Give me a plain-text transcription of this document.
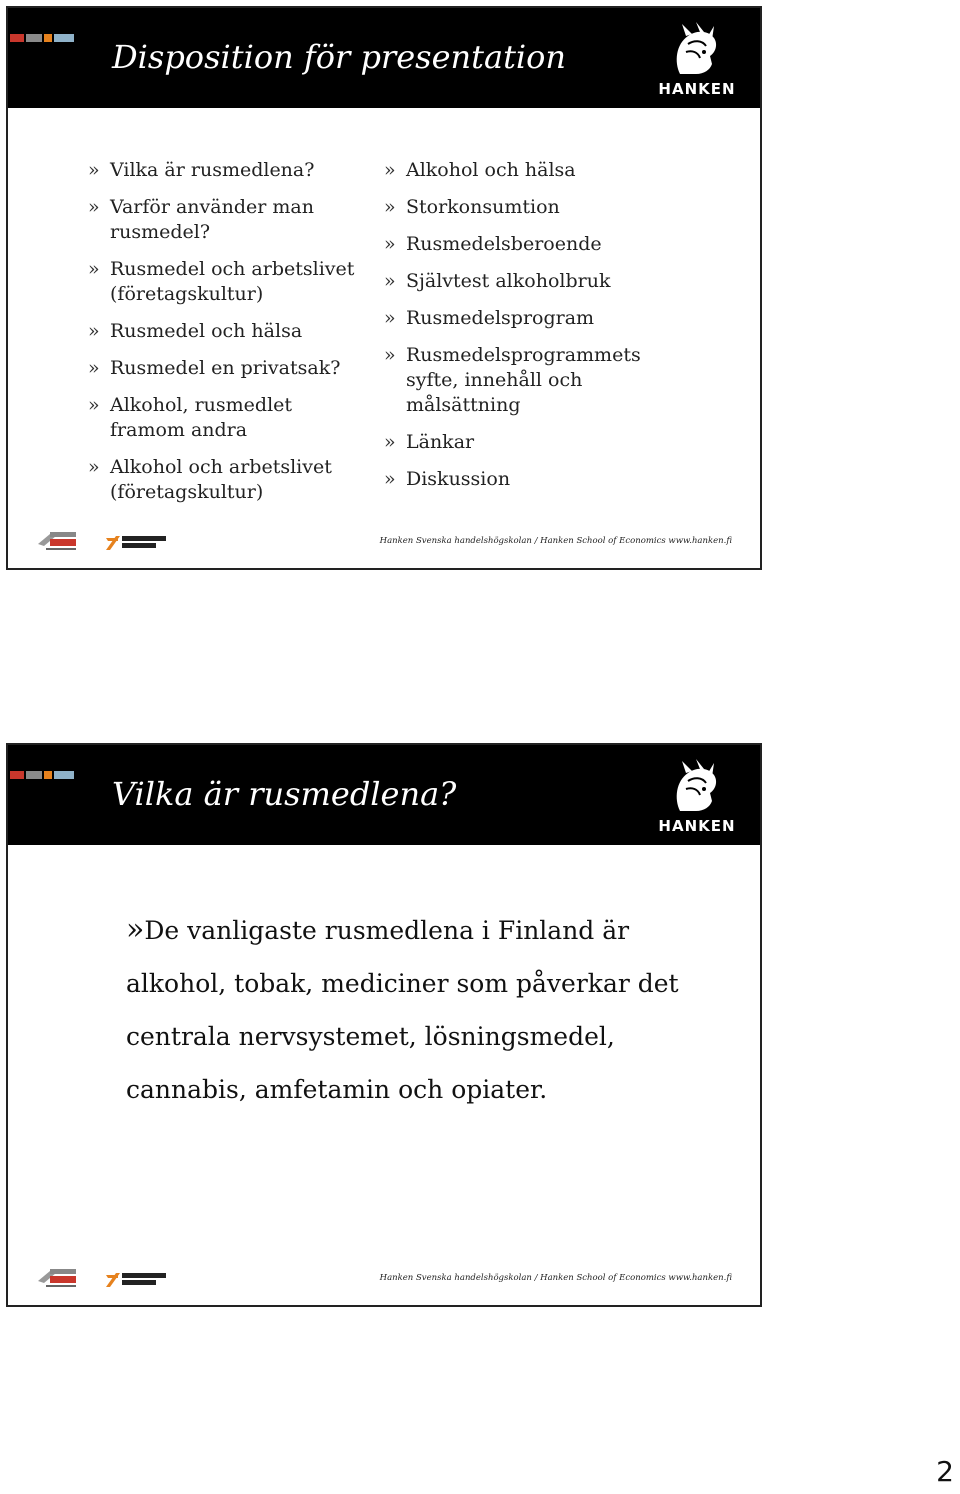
Disposition för presentation
HANKEN
» Vilka är rusmedlena?
» Varför använder man rusmedel?
» Rusmedel och arbetslivet (företagskultur)
» Rusmedel och hälsa
» Rusmedel en privatsak?
» Alkohol, rusmedlet framom andra
» Alkohol och arbetslivet (företagskultur)
» Alkohol och hälsa
» Storkonsumtion
» Rusmedelsberoende
» Självtest alkoholbruk
» Rusmedelsprogram
» Rusmedelsprogrammets syfte, innehåll och målsättning
» Länkar
» Diskussion
Hanken Svenska handelshögskolan / Hanken School of Economics www.hanken.fi
Vilka är rusmedlena?
HANKEN
»De vanligaste rusmedlena i Finland är alkohol, tobak, mediciner som påverkar det centrala nervsystemet, lösningsmedel, cannabis, amfetamin och opiater.
Hanken Svenska handelshögskolan / Hanken School of Economics www.hanken.fi
2
